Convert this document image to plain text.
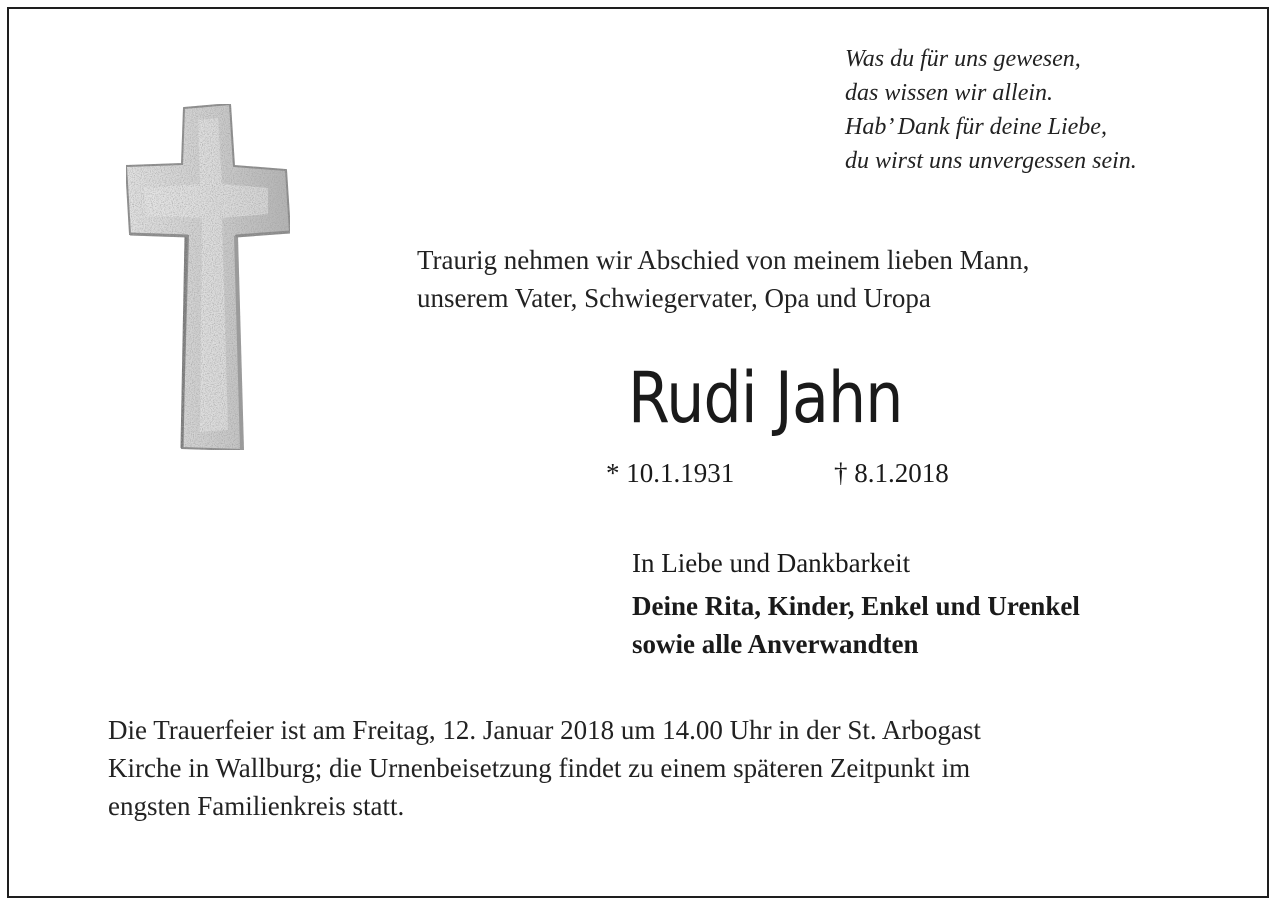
Was du für uns gewesen,
das wissen wir allein.
Hab’ Dank für deine Liebe,
du wirst uns unvergessen sein.
Traurig nehmen wir Abschied von meinem lieben Mann,
unserem Vater, Schwiegervater, Opa und Uropa
Rudi Jahn
* 10.1.1931	† 8.1.2018
In Liebe und Dankbarkeit
Deine Rita, Kinder, Enkel und Urenkel
sowie alle Anverwandten
Die Trauerfeier ist am Freitag, 12. Januar 2018 um 14.00 Uhr in der St. Arbogast
Kirche in Wallburg; die Urnenbeisetzung findet zu einem späteren Zeitpunkt im
engsten Familienkreis statt.
